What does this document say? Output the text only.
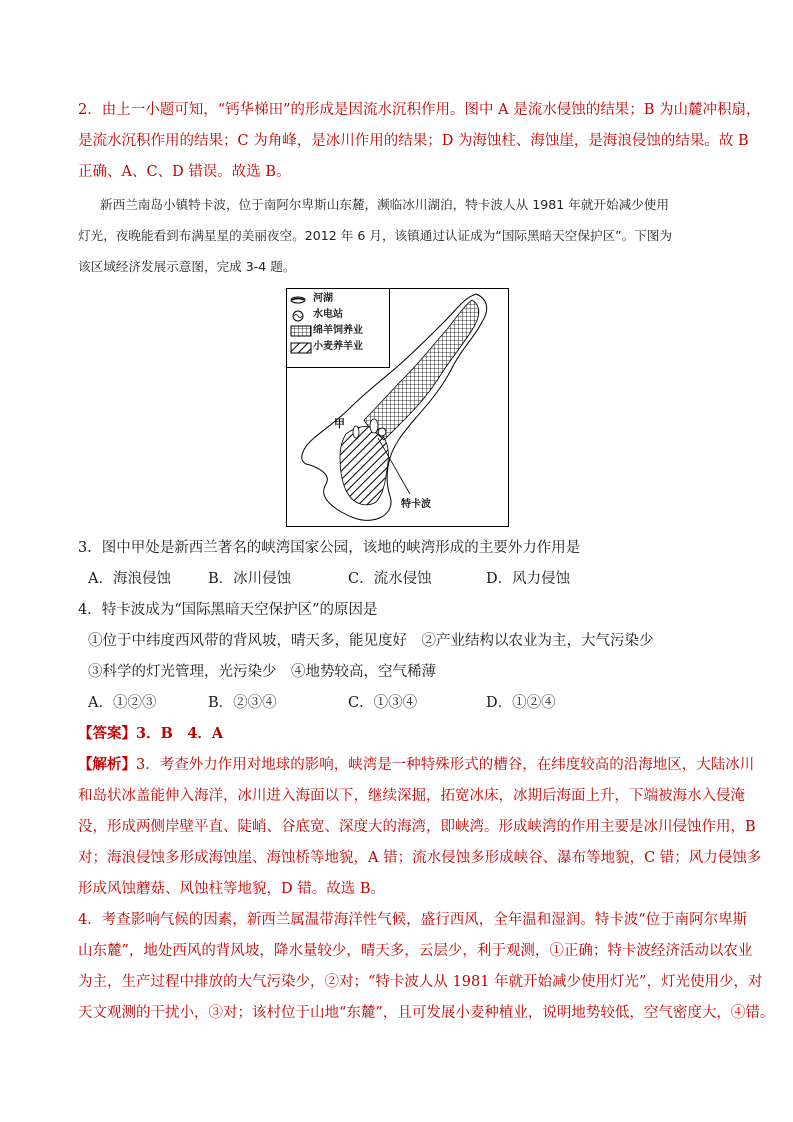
2．由上一小题可知，“钙华梯田”的形成是因流水沉积作用。图中 A 是流水侵蚀的结果；B 为山麓冲积扇，
是流水沉积作用的结果；C 为角峰，是冰川作用的结果；D 为海蚀柱、海蚀崖，是海浪侵蚀的结果。故 B
正确、A、C、D 错误。故选 B。
新西兰南岛小镇特卡波，位于南阿尔卑斯山东麓，濒临冰川湖泊，特卡波人从 1981 年就开始减少使用
灯光，夜晚能看到布满星星的美丽夜空。2012 年 6 月，该镇通过认证成为“国际黑暗天空保护区”。下图为
该区域经济发展示意图，完成 3-4 题。
河湖
水电站
绵羊饲养业
小麦养羊业
甲
特卡波
3．图中甲处是新西兰著名的峡湾国家公园，该地的峡湾形成的主要外力作用是
A．海浪侵蚀	B．冰川侵蚀	C．流水侵蚀	D．风力侵蚀
4．特卡波成为“国际黑暗天空保护区”的原因是
①位于中纬度西风带的背风坡，晴天多，能见度好　②产业结构以农业为主，大气污染少
③科学的灯光管理，光污染少　④地势较高，空气稀薄
A．①②③	B．②③④	C．①③④	D．①②④
【答案】3．B　4．A
【解析】3．考查外力作用对地球的影响，峡湾是一种特殊形式的槽谷，在纬度较高的沿海地区，大陆冰川
和岛状冰盖能伸入海洋，冰川进入海面以下，继续深掘，拓宽冰床，冰期后海面上升，下端被海水入侵淹
没，形成两侧岸壁平直、陡峭、谷底宽、深度大的海湾，即峡湾。形成峡湾的作用主要是冰川侵蚀作用，B
对；海浪侵蚀多形成海蚀崖、海蚀桥等地貌，A 错；流水侵蚀多形成峡谷、瀑布等地貌，C 错；风力侵蚀多
形成风蚀蘑菇、风蚀柱等地貌，D 错。故选 B。
4．考查影响气候的因素，新西兰属温带海洋性气候，盛行西风，全年温和湿润。特卡波“位于南阿尔卑斯
山东麓”，地处西风的背风坡，降水量较少，晴天多，云层少，利于观测，①正确；特卡波经济活动以农业
为主，生产过程中排放的大气污染少，②对；“特卡波人从 1981 年就开始减少使用灯光”，灯光使用少，对
天文观测的干扰小，③对；该村位于山地“东麓”，且可发展小麦种植业，说明地势较低，空气密度大，④错。
